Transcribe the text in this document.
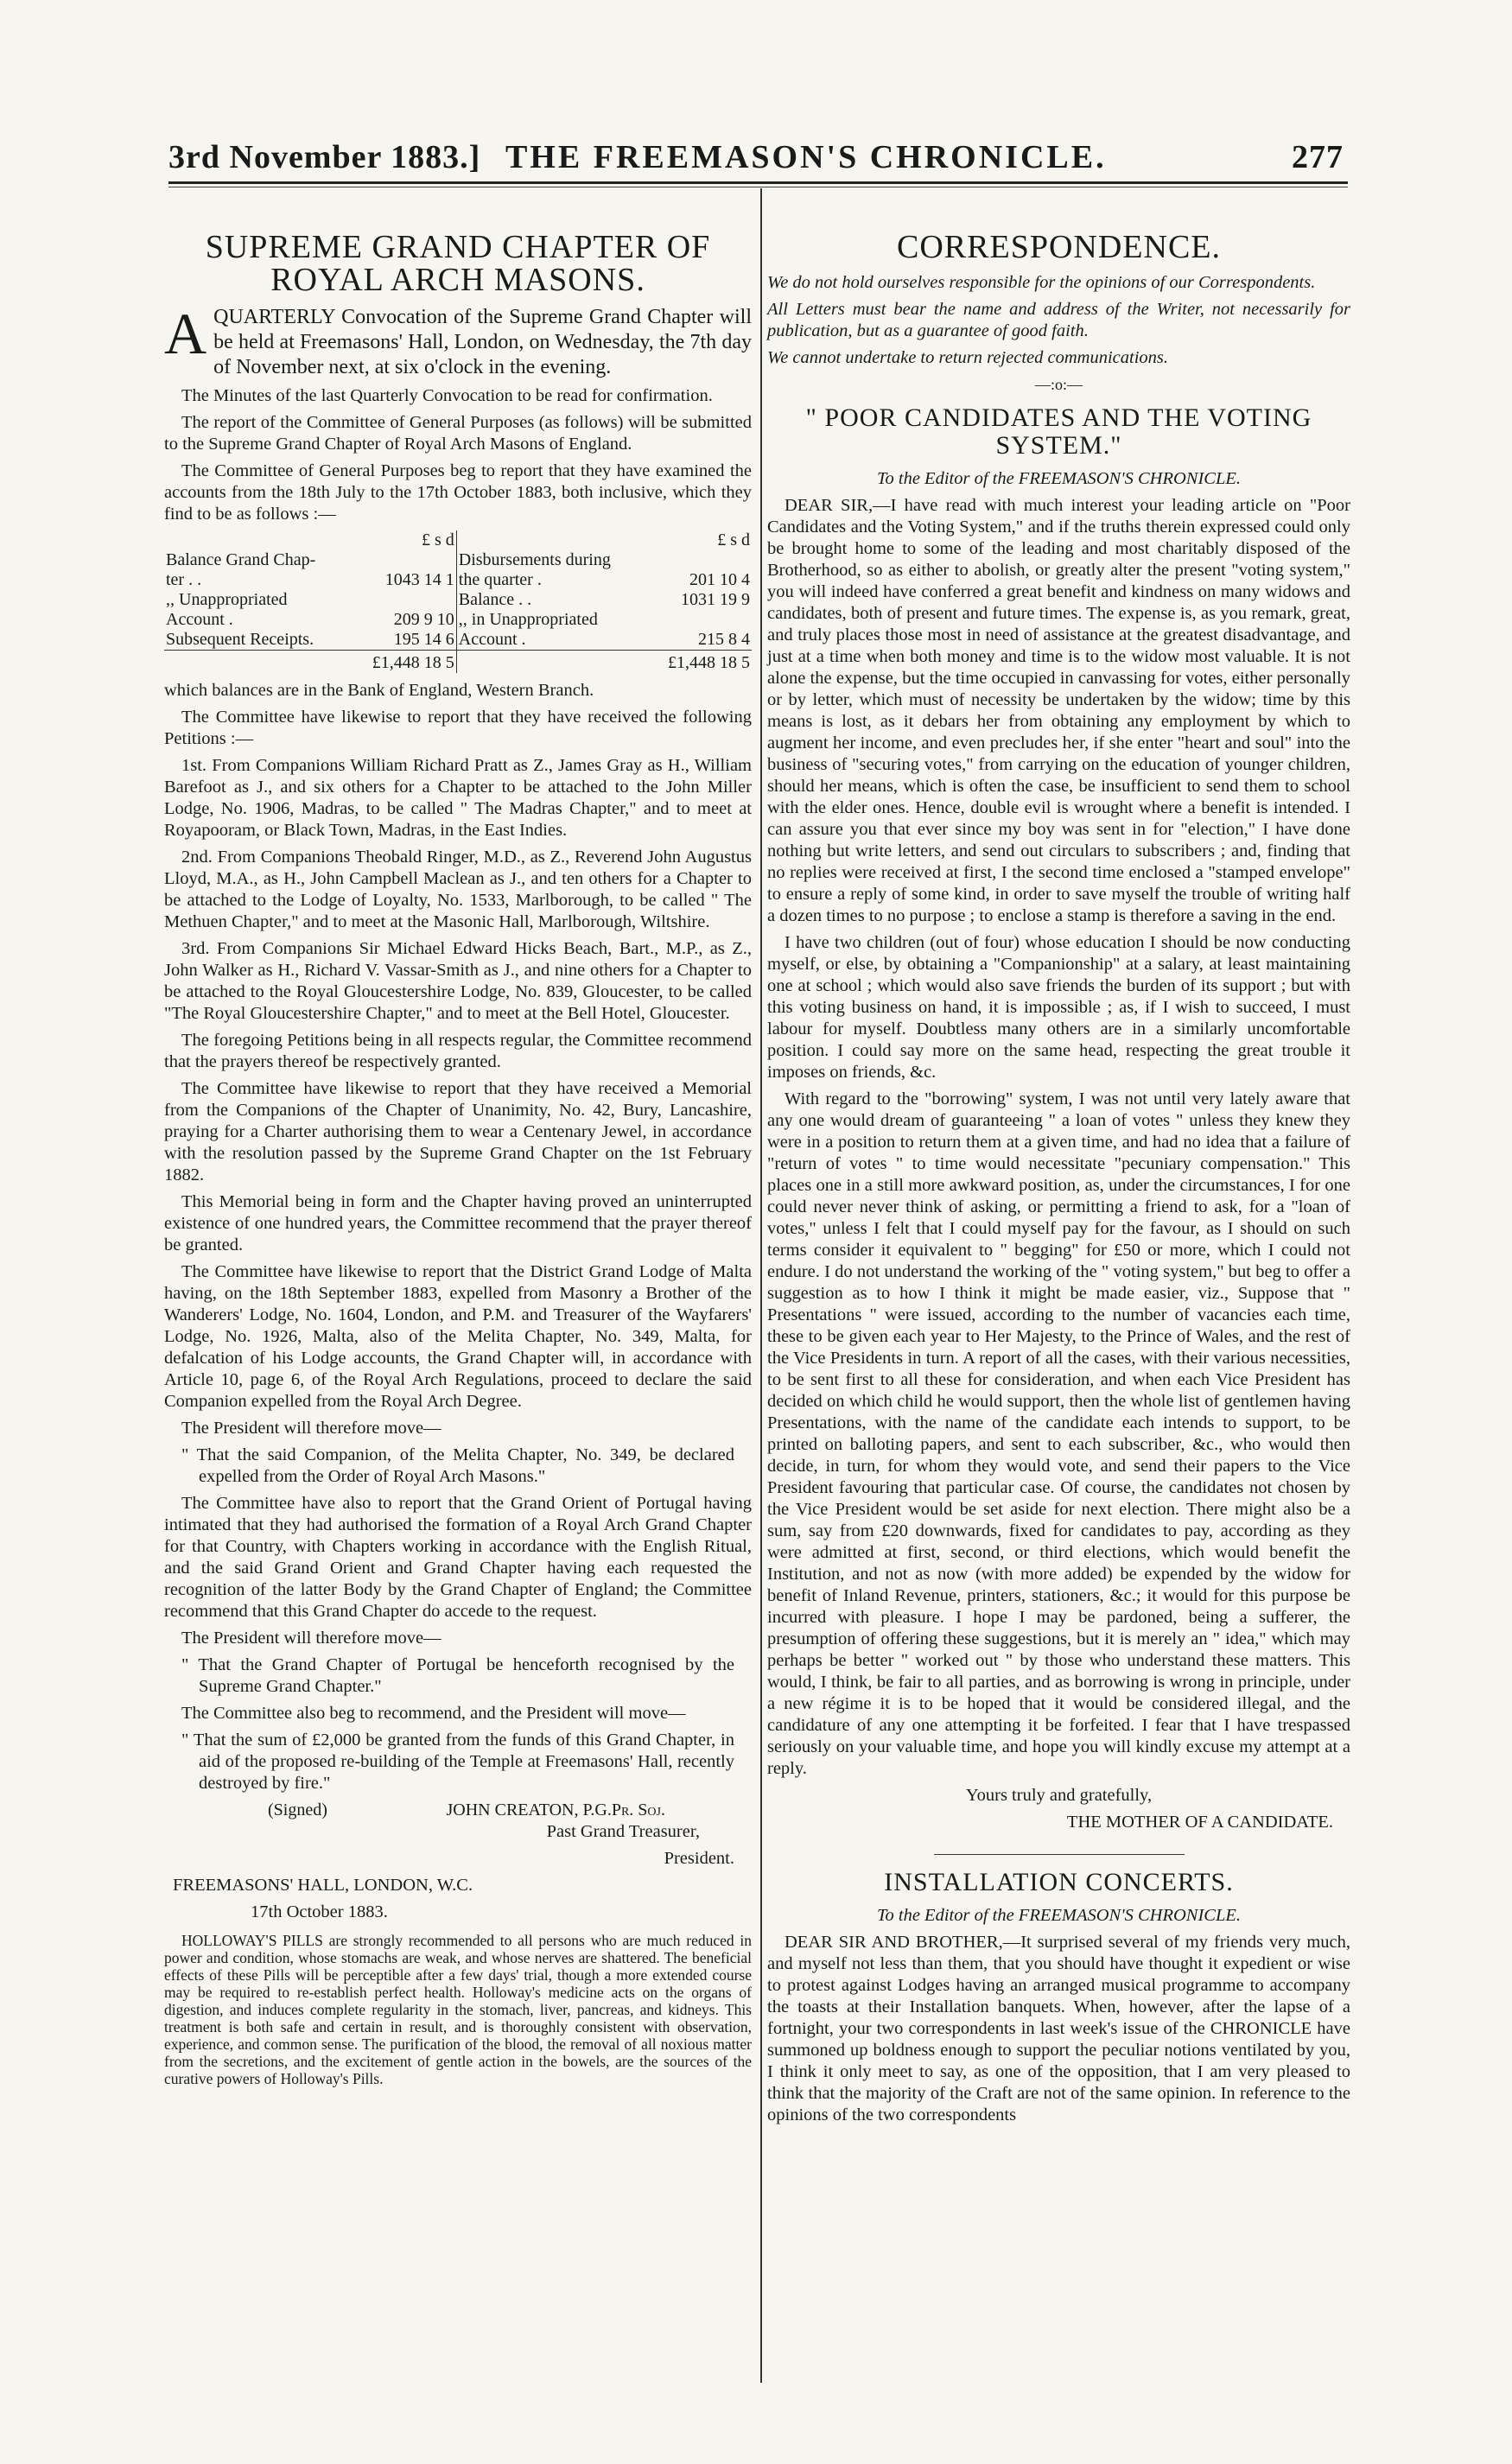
3rd November 1883.] THE FREEMASON'S CHRONICLE.	277
SUPREME GRAND CHAPTER OF ROYAL ARCH MASONS.

AQUARTERLY Convocation of the Supreme Grand Chapter will be held at Freemasons' Hall, London, on Wednesday, the 7th day of November next, at six o'clock in the evening.

The Minutes of the last Quarterly Convocation to be read for confirmation.

The report of the Committee of General Purposes (as follows) will be submitted to the Supreme Grand Chapter of Royal Arch Masons of England.

The Committee of General Purposes beg to report that they have examined the accounts from the 18th July to the 17th October 1883, both inclusive, which they find to be as follows :—

	£ s d		£ s d
Balance Grand Chap-		Disbursements during	
ter . .	1043 14 1	the quarter .	201 10 4
,, Unappropriated		Balance . .	1031 19 9
Account .	209 9 10	,, in Unappropriated	
Subsequent Receipts.	195 14 6	Account .	215 8 4
	£1,448 18 5		£1,448 18 5

which balances are in the Bank of England, Western Branch.

The Committee have likewise to report that they have received the following Petitions :—

1st. From Companions William Richard Pratt as Z., James Gray as H., William Barefoot as J., and six others for a Chapter to be attached to the John Miller Lodge, No. 1906, Madras, to be called " The Madras Chapter," and to meet at Royapooram, or Black Town, Madras, in the East Indies.

2nd. From Companions Theobald Ringer, M.D., as Z., Reverend John Augustus Lloyd, M.A., as H., John Campbell Maclean as J., and ten others for a Chapter to be attached to the Lodge of Loyalty, No. 1533, Marlborough, to be called " The Methuen Chapter," and to meet at the Masonic Hall, Marlborough, Wiltshire.

3rd. From Companions Sir Michael Edward Hicks Beach, Bart., M.P., as Z., John Walker as H., Richard V. Vassar-Smith as J., and nine others for a Chapter to be attached to the Royal Gloucestershire Lodge, No. 839, Gloucester, to be called "The Royal Gloucestershire Chapter," and to meet at the Bell Hotel, Gloucester.

The foregoing Petitions being in all respects regular, the Committee recommend that the prayers thereof be respectively granted.

The Committee have likewise to report that they have received a Memorial from the Companions of the Chapter of Unanimity, No. 42, Bury, Lancashire, praying for a Charter authorising them to wear a Centenary Jewel, in accordance with the resolution passed by the Supreme Grand Chapter on the 1st February 1882.

This Memorial being in form and the Chapter having proved an uninterrupted existence of one hundred years, the Committee recommend that the prayer thereof be granted.

The Committee have likewise to report that the District Grand Lodge of Malta having, on the 18th September 1883, expelled from Masonry a Brother of the Wanderers' Lodge, No. 1604, London, and P.M. and Treasurer of the Wayfarers' Lodge, No. 1926, Malta, also of the Melita Chapter, No. 349, Malta, for defalcation of his Lodge accounts, the Grand Chapter will, in accordance with Article 10, page 6, of the Royal Arch Regulations, proceed to declare the said Companion expelled from the Royal Arch Degree.

The President will therefore move—

" That the said Companion, of the Melita Chapter, No. 349, be declared expelled from the Order of Royal Arch Masons."

The Committee have also to report that the Grand Orient of Portugal having intimated that they had authorised the formation of a Royal Arch Grand Chapter for that Country, with Chapters working in accordance with the English Ritual, and the said Grand Orient and Grand Chapter having each requested the recognition of the latter Body by the Grand Chapter of England; the Committee recommend that this Grand Chapter do accede to the request.

The President will therefore move—

" That the Grand Chapter of Portugal be henceforth recognised by the Supreme Grand Chapter."

The Committee also beg to recommend, and the President will move—

" That the sum of £2,000 be granted from the funds of this Grand Chapter, in aid of the proposed re-building of the Temple at Freemasons' Hall, recently destroyed by fire."

(Signed)	JOHN CREATON, P.G.Pr. Soj.

Past Grand Treasurer,

President.

FREEMASONS' HALL, LONDON, W.C.

17th October 1883.

HOLLOWAY'S PILLS are strongly recommended to all persons who are much reduced in power and condition, whose stomachs are weak, and whose nerves are shattered. The beneficial effects of these Pills will be perceptible after a few days' trial, though a more extended course may be required to re-establish perfect health. Holloway's medicine acts on the organs of digestion, and induces complete regularity in the stomach, liver, pancreas, and kidneys. This treatment is both safe and certain in result, and is thoroughly consistent with observation, experience, and common sense. The purification of the blood, the removal of all noxious matter from the secretions, and the excitement of gentle action in the bowels, are the sources of the curative powers of Holloway's Pills.

CORRESPONDENCE.

We do not hold ourselves responsible for the opinions of our Correspondents.

All Letters must bear the name and address of the Writer, not necessarily for publication, but as a guarantee of good faith.

We cannot undertake to return rejected communications.

—:o:—
" POOR CANDIDATES AND THE VOTING SYSTEM."

To the Editor of the FREEMASON'S CHRONICLE.

DEAR SIR,—I have read with much interest your leading article on "Poor Candidates and the Voting System," and if the truths therein expressed could only be brought home to some of the leading and most charitably disposed of the Brotherhood, so as either to abolish, or greatly alter the present "voting system," you will indeed have conferred a great benefit and kindness on many widows and candidates, both of present and future times. The expense is, as you remark, great, and truly places those most in need of assistance at the greatest disadvantage, and just at a time when both money and time is to the widow most valuable. It is not alone the expense, but the time occupied in canvassing for votes, either personally or by letter, which must of necessity be undertaken by the widow; time by this means is lost, as it debars her from obtaining any employment by which to augment her income, and even precludes her, if she enter "heart and soul" into the business of "securing votes," from carrying on the education of younger children, should her means, which is often the case, be insufficient to send them to school with the elder ones. Hence, double evil is wrought where a benefit is intended. I can assure you that ever since my boy was sent in for "election," I have done nothing but write letters, and send out circulars to subscribers ; and, finding that no replies were received at first, I the second time enclosed a "stamped envelope" to ensure a reply of some kind, in order to save myself the trouble of writing half a dozen times to no purpose ; to enclose a stamp is therefore a saving in the end.

I have two children (out of four) whose education I should be now conducting myself, or else, by obtaining a "Companionship" at a salary, at least maintaining one at school ; which would also save friends the burden of its support ; but with this voting business on hand, it is impossible ; as, if I wish to succeed, I must labour for myself. Doubtless many others are in a similarly uncomfortable position. I could say more on the same head, respecting the great trouble it imposes on friends, &c.

With regard to the "borrowing" system, I was not until very lately aware that any one would dream of guaranteeing " a loan of votes " unless they knew they were in a position to return them at a given time, and had no idea that a failure of "return of votes " to time would necessitate "pecuniary compensation." This places one in a still more awkward position, as, under the circumstances, I for one could never never think of asking, or permitting a friend to ask, for a "loan of votes," unless I felt that I could myself pay for the favour, as I should on such terms consider it equivalent to " begging" for £50 or more, which I could not endure. I do not understand the working of the " voting system," but beg to offer a suggestion as to how I think it might be made easier, viz., Suppose that " Presentations " were issued, according to the number of vacancies each time, these to be given each year to Her Majesty, to the Prince of Wales, and the rest of the Vice Presidents in turn. A report of all the cases, with their various necessities, to be sent first to all these for consideration, and when each Vice President has decided on which child he would support, then the whole list of gentlemen having Presentations, with the name of the candidate each intends to support, to be printed on balloting papers, and sent to each subscriber, &c., who would then decide, in turn, for whom they would vote, and send their papers to the Vice President favouring that particular case. Of course, the candidates not chosen by the Vice President would be set aside for next election. There might also be a sum, say from £20 downwards, fixed for candidates to pay, according as they were admitted at first, second, or third elections, which would benefit the Institution, and not as now (with more added) be expended by the widow for benefit of Inland Revenue, printers, stationers, &c.; it would for this purpose be incurred with pleasure. I hope I may be pardoned, being a sufferer, the presumption of offering these suggestions, but it is merely an " idea," which may perhaps be better " worked out " by those who understand these matters. This would, I think, be fair to all parties, and as borrowing is wrong in principle, under a new régime it is to be hoped that it would be considered illegal, and the candidature of any one attempting it be forfeited. I fear that I have trespassed seriously on your valuable time, and hope you will kindly excuse my attempt at a reply.

Yours truly and gratefully,

THE MOTHER OF A CANDIDATE.

INSTALLATION CONCERTS.

To the Editor of the FREEMASON'S CHRONICLE.

DEAR SIR AND BROTHER,—It surprised several of my friends very much, and myself not less than them, that you should have thought it expedient or wise to protest against Lodges having an arranged musical programme to accompany the toasts at their Installation banquets. When, however, after the lapse of a fortnight, your two correspondents in last week's issue of the CHRONICLE have summoned up boldness enough to support the peculiar notions ventilated by you, I think it only meet to say, as one of the opposition, that I am very pleased to think that the majority of the Craft are not of the same opinion. In reference to the opinions of the two correspondents
